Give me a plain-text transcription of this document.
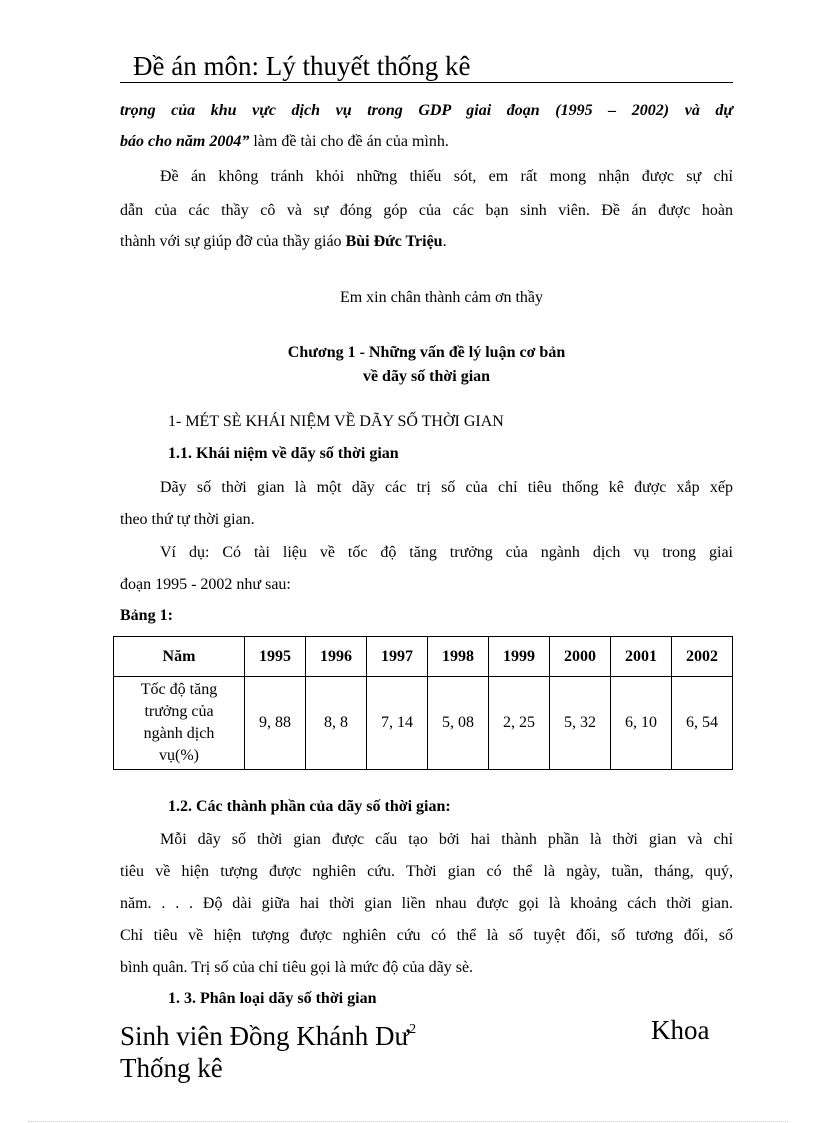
Đề án môn: Lý thuyết thống kê
trọng của khu vực dịch vụ trong GDP giai đoạn (1995 – 2002) và dự
báo cho năm 2004” làm đề tài cho đề án của mình.
Đề án không tránh khỏi những thiếu sót, em rất mong nhận được sự chỉ
dẫn của các thầy cô và sự đóng góp của các bạn sinh viên. Đề án được hoàn
thành với sự giúp đỡ của thầy giáo Bùi Đức Triệu.
Em xin chân thành cảm ơn thầy
Chương 1 - Những vấn đề lý luận cơ bản
về dãy số thời gian
1- MÉT SÈ KHÁI NIỆM VỀ DÃY SỐ THỜI GIAN
1.1. Khái niệm về dãy số thời gian
Dãy số thời gian là một dãy các trị số của chỉ tiêu thống kê được xắp xếp
theo thứ tự thời gian.
Ví dụ: Có tài liệu về tốc độ tăng trưởng của ngành dịch vụ trong giai
đoạn 1995 - 2002 như sau:
Bảng 1:
Năm	1995	1996	1997	1998	1999	2000	2001	2002

Tốc độ tăng
trưởng của
ngành dịch
vụ(%)	9, 88	8, 8	7, 14	5, 08	2, 25	5, 32	6, 10	6, 54
1.2. Các thành phần của dãy số thời gian:
Mỗi dãy số thời gian được cấu tạo bởi hai thành phần là thời gian và chỉ
tiêu về hiện tượng được nghiên cứu. Thời gian có thể là ngày, tuần, tháng, quý,
năm. . . . Độ dài giữa hai thời gian liền nhau được gọi là khoảng cách thời gian.
Chỉ tiêu về hiện tượng được nghiên cứu có thể là số tuyệt đối, số tương đối, số
bình quân. Trị số của chỉ tiêu gọi là mức độ của dãy sè.
1. 3. Phân loại dãy số thời gian
Sinh viên Đồng Khánh $Dư^2$
Thống kê
Khoa
